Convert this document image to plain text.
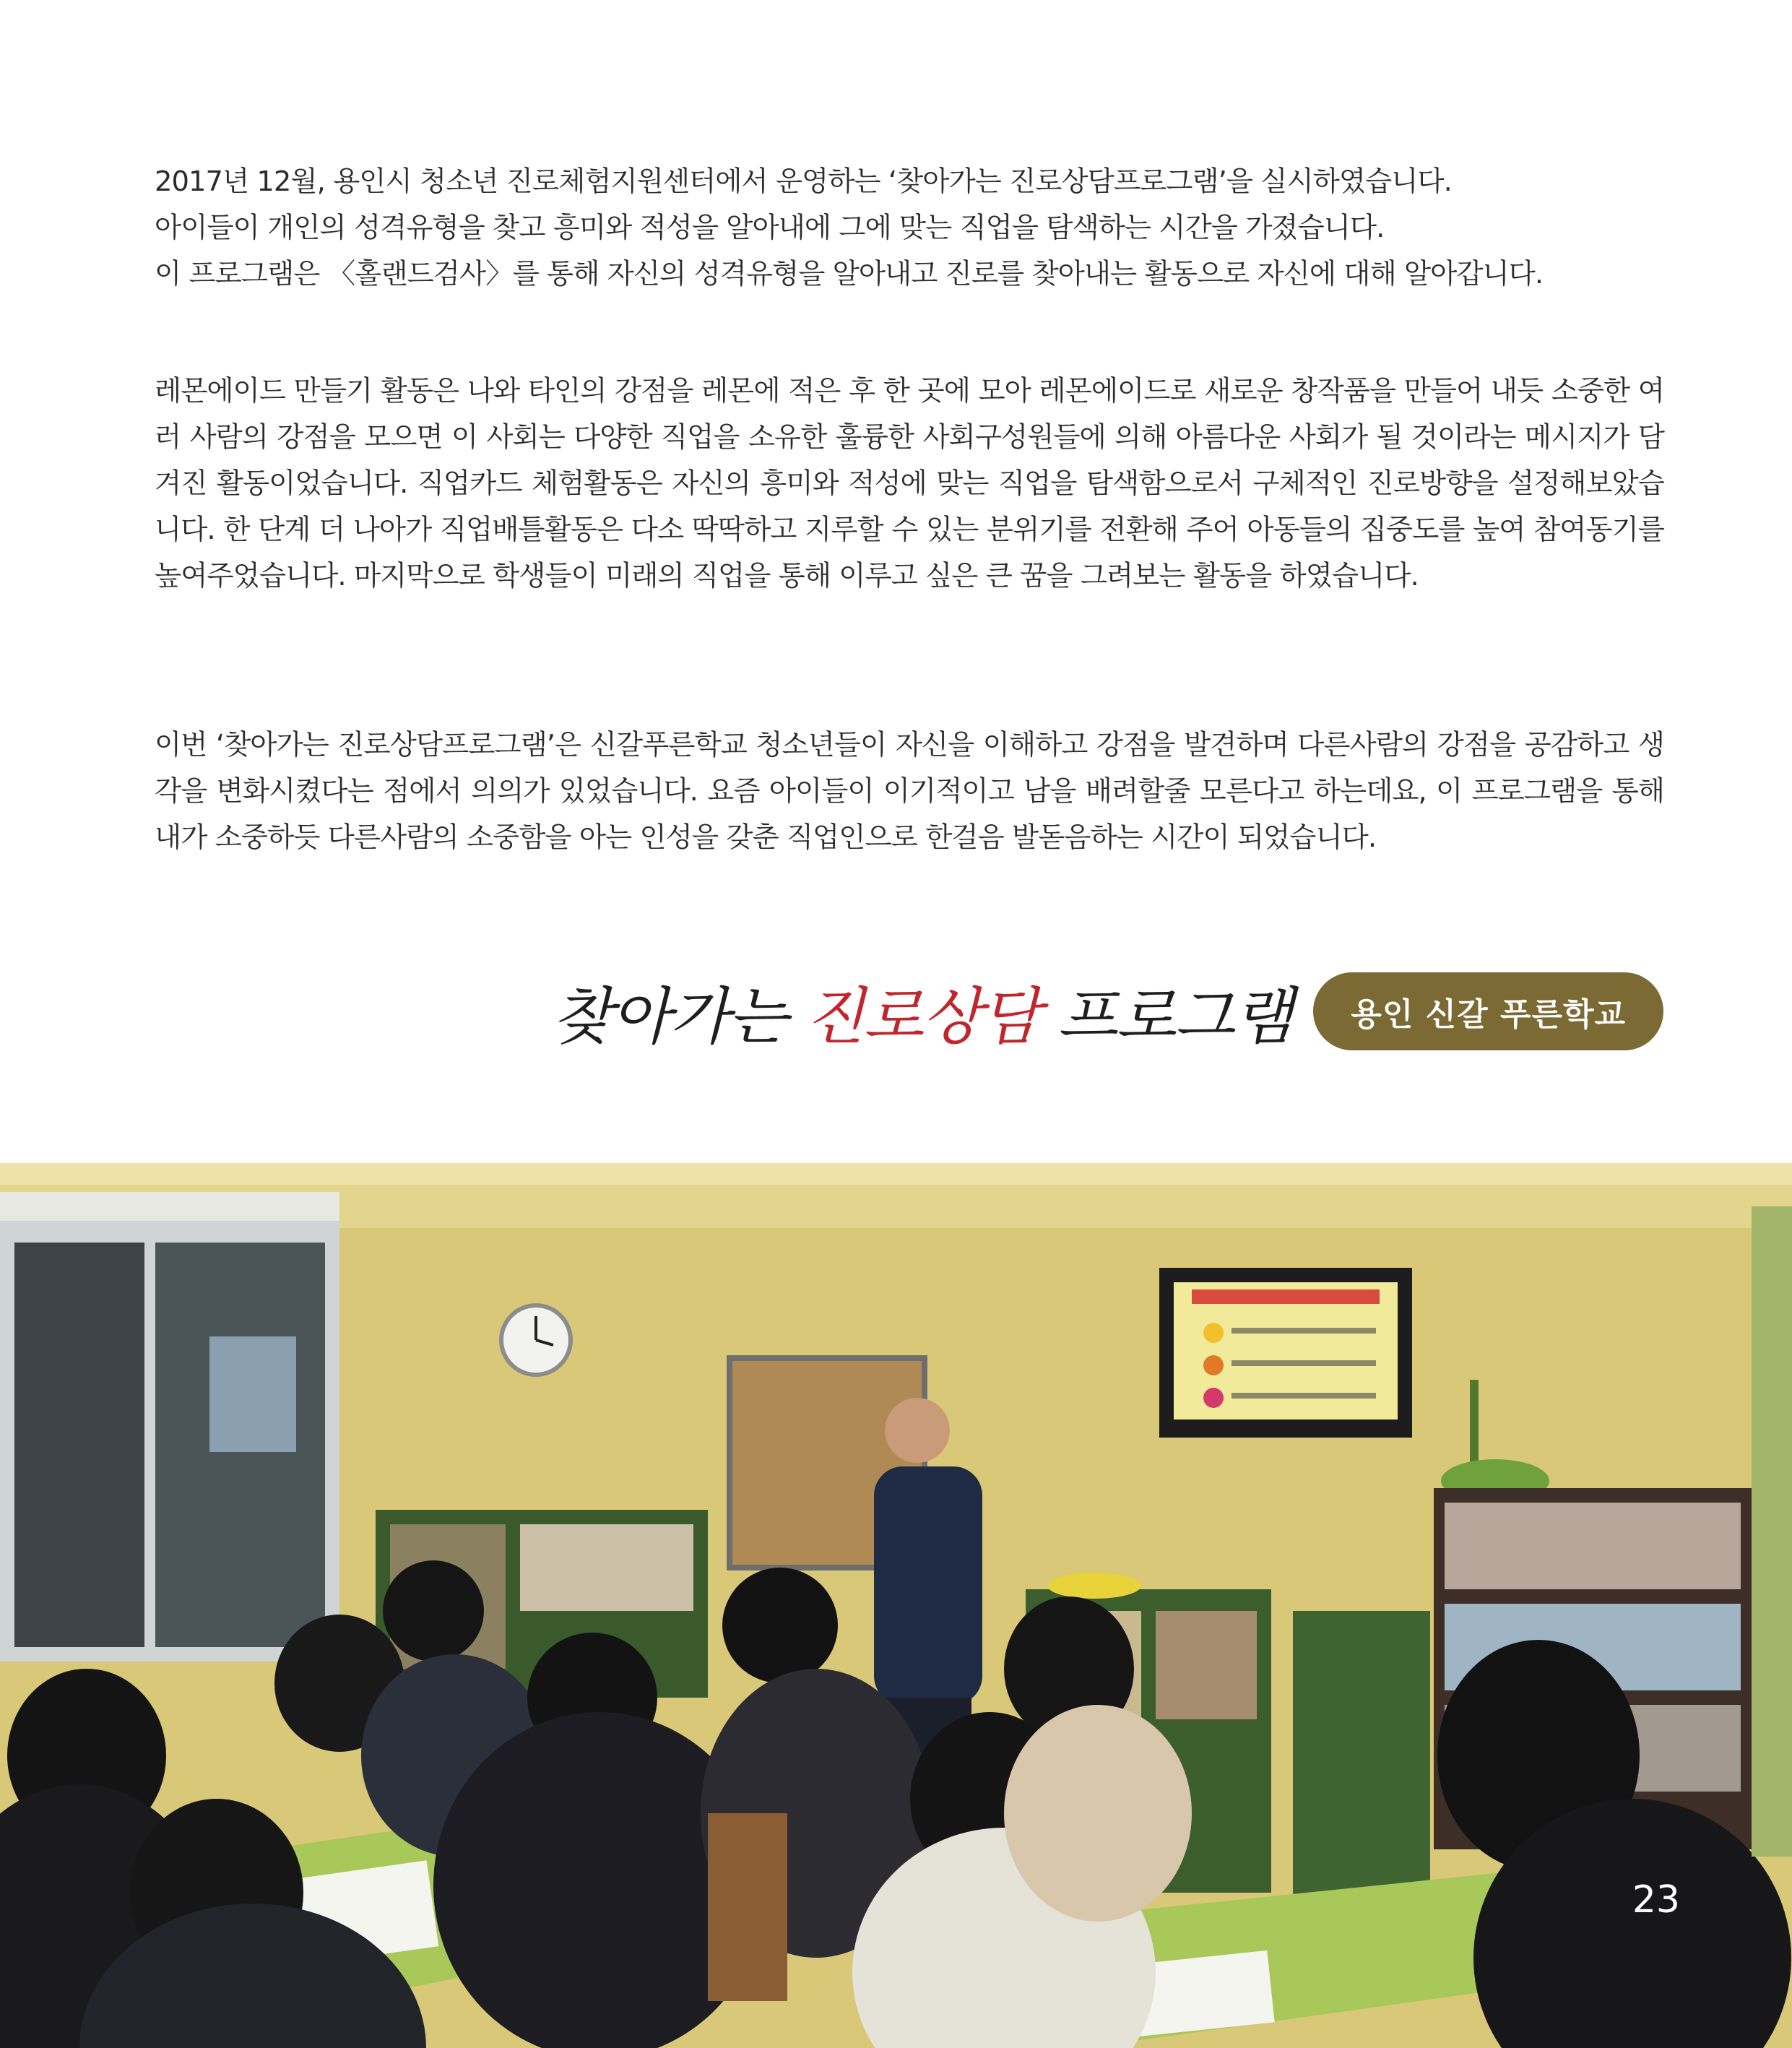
2017년 12월, 용인시 청소년 진로체험지원센터에서 운영하는 ‘찾아가는 진로상담프로그램’을 실시하였습니다.

아이들이 개인의 성격유형을 찾고 흥미와 적성을 알아내에 그에 맞는 직업을 탐색하는 시간을 가졌습니다.

이 프로그램은 〈홀랜드검사〉를 통해 자신의 성격유형을 알아내고 진로를 찾아내는 활동으로 자신에 대해 알아갑니다.

레몬에이드 만들기 활동은 나와 타인의 강점을 레몬에 적은 후 한 곳에 모아 레몬에이드로 새로운 창작품을 만들어 내듯 소중한 여러 사람의 강점을 모으면 이 사회는 다양한 직업을 소유한 훌륭한 사회구성원들에 의해 아름다운 사회가 될 것이라는 메시지가 담겨진 활동이었습니다. 직업카드 체험활동은 자신의 흥미와 적성에 맞는 직업을 탐색함으로서 구체적인 진로방향을 설정해보았습니다. 한 단계 더 나아가 직업배틀활동은 다소 딱딱하고 지루할 수 있는 분위기를 전환해 주어 아동들의 집중도를 높여 참여동기를 높여주었습니다. 마지막으로 학생들이 미래의 직업을 통해 이루고 싶은 큰 꿈을 그려보는 활동을 하였습니다.

이번 ‘찾아가는 진로상담프로그램’은 신갈푸른학교 청소년들이 자신을 이해하고 강점을 발견하며 다른사람의 강점을 공감하고 생각을 변화시켰다는 점에서 의의가 있었습니다. 요즘 아이들이 이기적이고 남을 배려할줄 모른다고 하는데요, 이 프로그램을 통해 내가 소중하듯 다른사람의 소중함을 아는 인성을 갖춘 직업인으로 한걸음 발돋음하는 시간이 되었습니다.

찾아가는 진로상담 프로그램	용인 신갈 푸른학교
23
